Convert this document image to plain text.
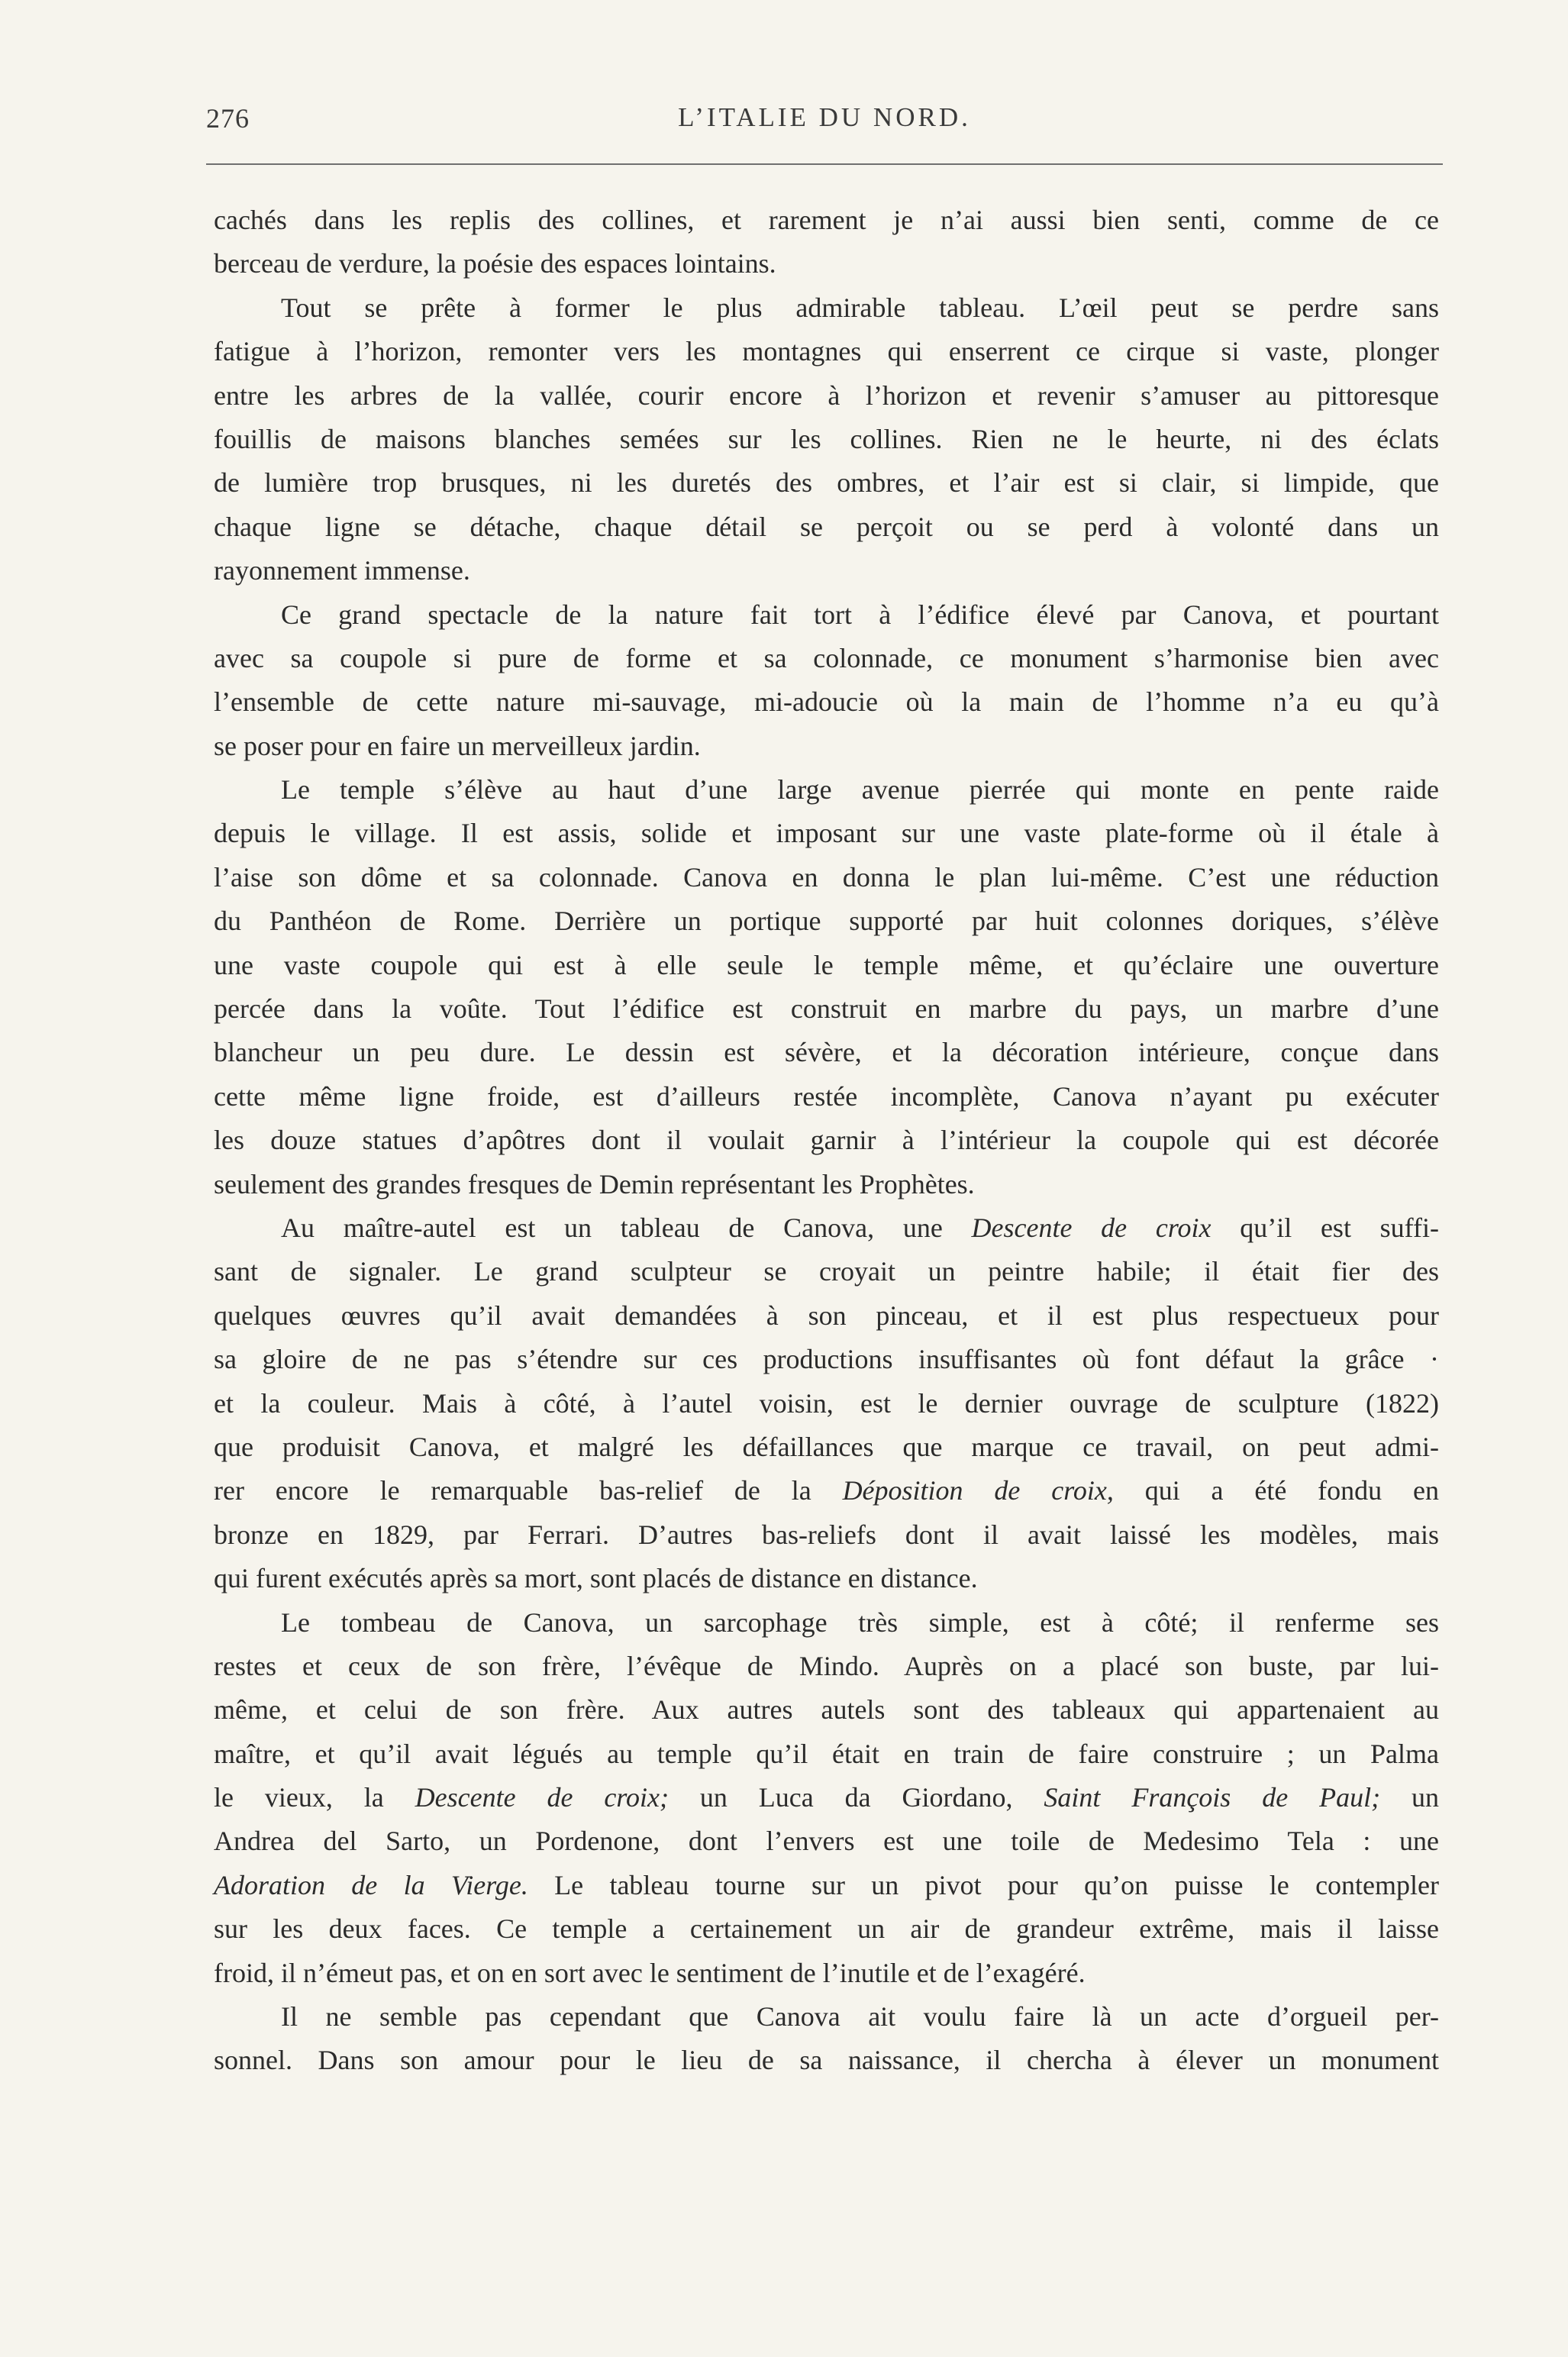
276	L’ITALIE DU NORD.
cachés dans les replis des collines, et rarement je n’ai aussi bien senti, comme de ce
berceau de verdure, la poésie des espaces lointains.
Tout se prête à former le plus admirable tableau. L’œil peut se perdre sans
fatigue à l’horizon, remonter vers les montagnes qui enserrent ce cirque si vaste, plonger
entre les arbres de la vallée, courir encore à l’horizon et revenir s’amuser au pittoresque
fouillis de maisons blanches semées sur les collines. Rien ne le heurte, ni des éclats
de lumière trop brusques, ni les duretés des ombres, et l’air est si clair, si limpide, que
chaque ligne se détache, chaque détail se perçoit ou se perd à volonté dans un
rayonnement immense.
Ce grand spectacle de la nature fait tort à l’édifice élevé par Canova, et pourtant
avec sa coupole si pure de forme et sa colonnade, ce monument s’harmonise bien avec
l’ensemble de cette nature mi-sauvage, mi-adoucie où la main de l’homme n’a eu qu’à
se poser pour en faire un merveilleux jardin.
Le temple s’élève au haut d’une large avenue pierrée qui monte en pente raide
depuis le village. Il est assis, solide et imposant sur une vaste plate-forme où il étale à
l’aise son dôme et sa colonnade. Canova en donna le plan lui-même. C’est une réduction
du Panthéon de Rome. Derrière un portique supporté par huit colonnes doriques, s’élève
une vaste coupole qui est à elle seule le temple même, et qu’éclaire une ouverture
percée dans la voûte. Tout l’édifice est construit en marbre du pays, un marbre d’une
blancheur un peu dure. Le dessin est sévère, et la décoration intérieure, conçue dans
cette même ligne froide, est d’ailleurs restée incomplète, Canova n’ayant pu exécuter
les douze statues d’apôtres dont il voulait garnir à l’intérieur la coupole qui est décorée
seulement des grandes fresques de Demin représentant les Prophètes.
Au maître-autel est un tableau de Canova, une Descente de croix qu’il est suffi-
sant de signaler. Le grand sculpteur se croyait un peintre habile; il était fier des
quelques œuvres qu’il avait demandées à son pinceau, et il est plus respectueux pour
sa gloire de ne pas s’étendre sur ces productions insuffisantes où font défaut la grâce ·
et la couleur. Mais à côté, à l’autel voisin, est le dernier ouvrage de sculpture (1822)
que produisit Canova, et malgré les défaillances que marque ce travail, on peut admi-
rer encore le remarquable bas-relief de la Déposition de croix, qui a été fondu en
bronze en 1829, par Ferrari. D’autres bas-reliefs dont il avait laissé les modèles, mais
qui furent exécutés après sa mort, sont placés de distance en distance.
Le tombeau de Canova, un sarcophage très simple, est à côté; il renferme ses
restes et ceux de son frère, l’évêque de Mindo. Auprès on a placé son buste, par lui-
même, et celui de son frère. Aux autres autels sont des tableaux qui appartenaient au
maître, et qu’il avait légués au temple qu’il était en train de faire construire ; un Palma
le vieux, la Descente de croix; un Luca da Giordano, Saint François de Paul; un
Andrea del Sarto, un Pordenone, dont l’envers est une toile de Medesimo Tela : une
Adoration de la Vierge. Le tableau tourne sur un pivot pour qu’on puisse le contempler
sur les deux faces. Ce temple a certainement un air de grandeur extrême, mais il laisse
froid, il n’émeut pas, et on en sort avec le sentiment de l’inutile et de l’exagéré.
Il ne semble pas cependant que Canova ait voulu faire là un acte d’orgueil per-
sonnel. Dans son amour pour le lieu de sa naissance, il chercha à élever un monument
